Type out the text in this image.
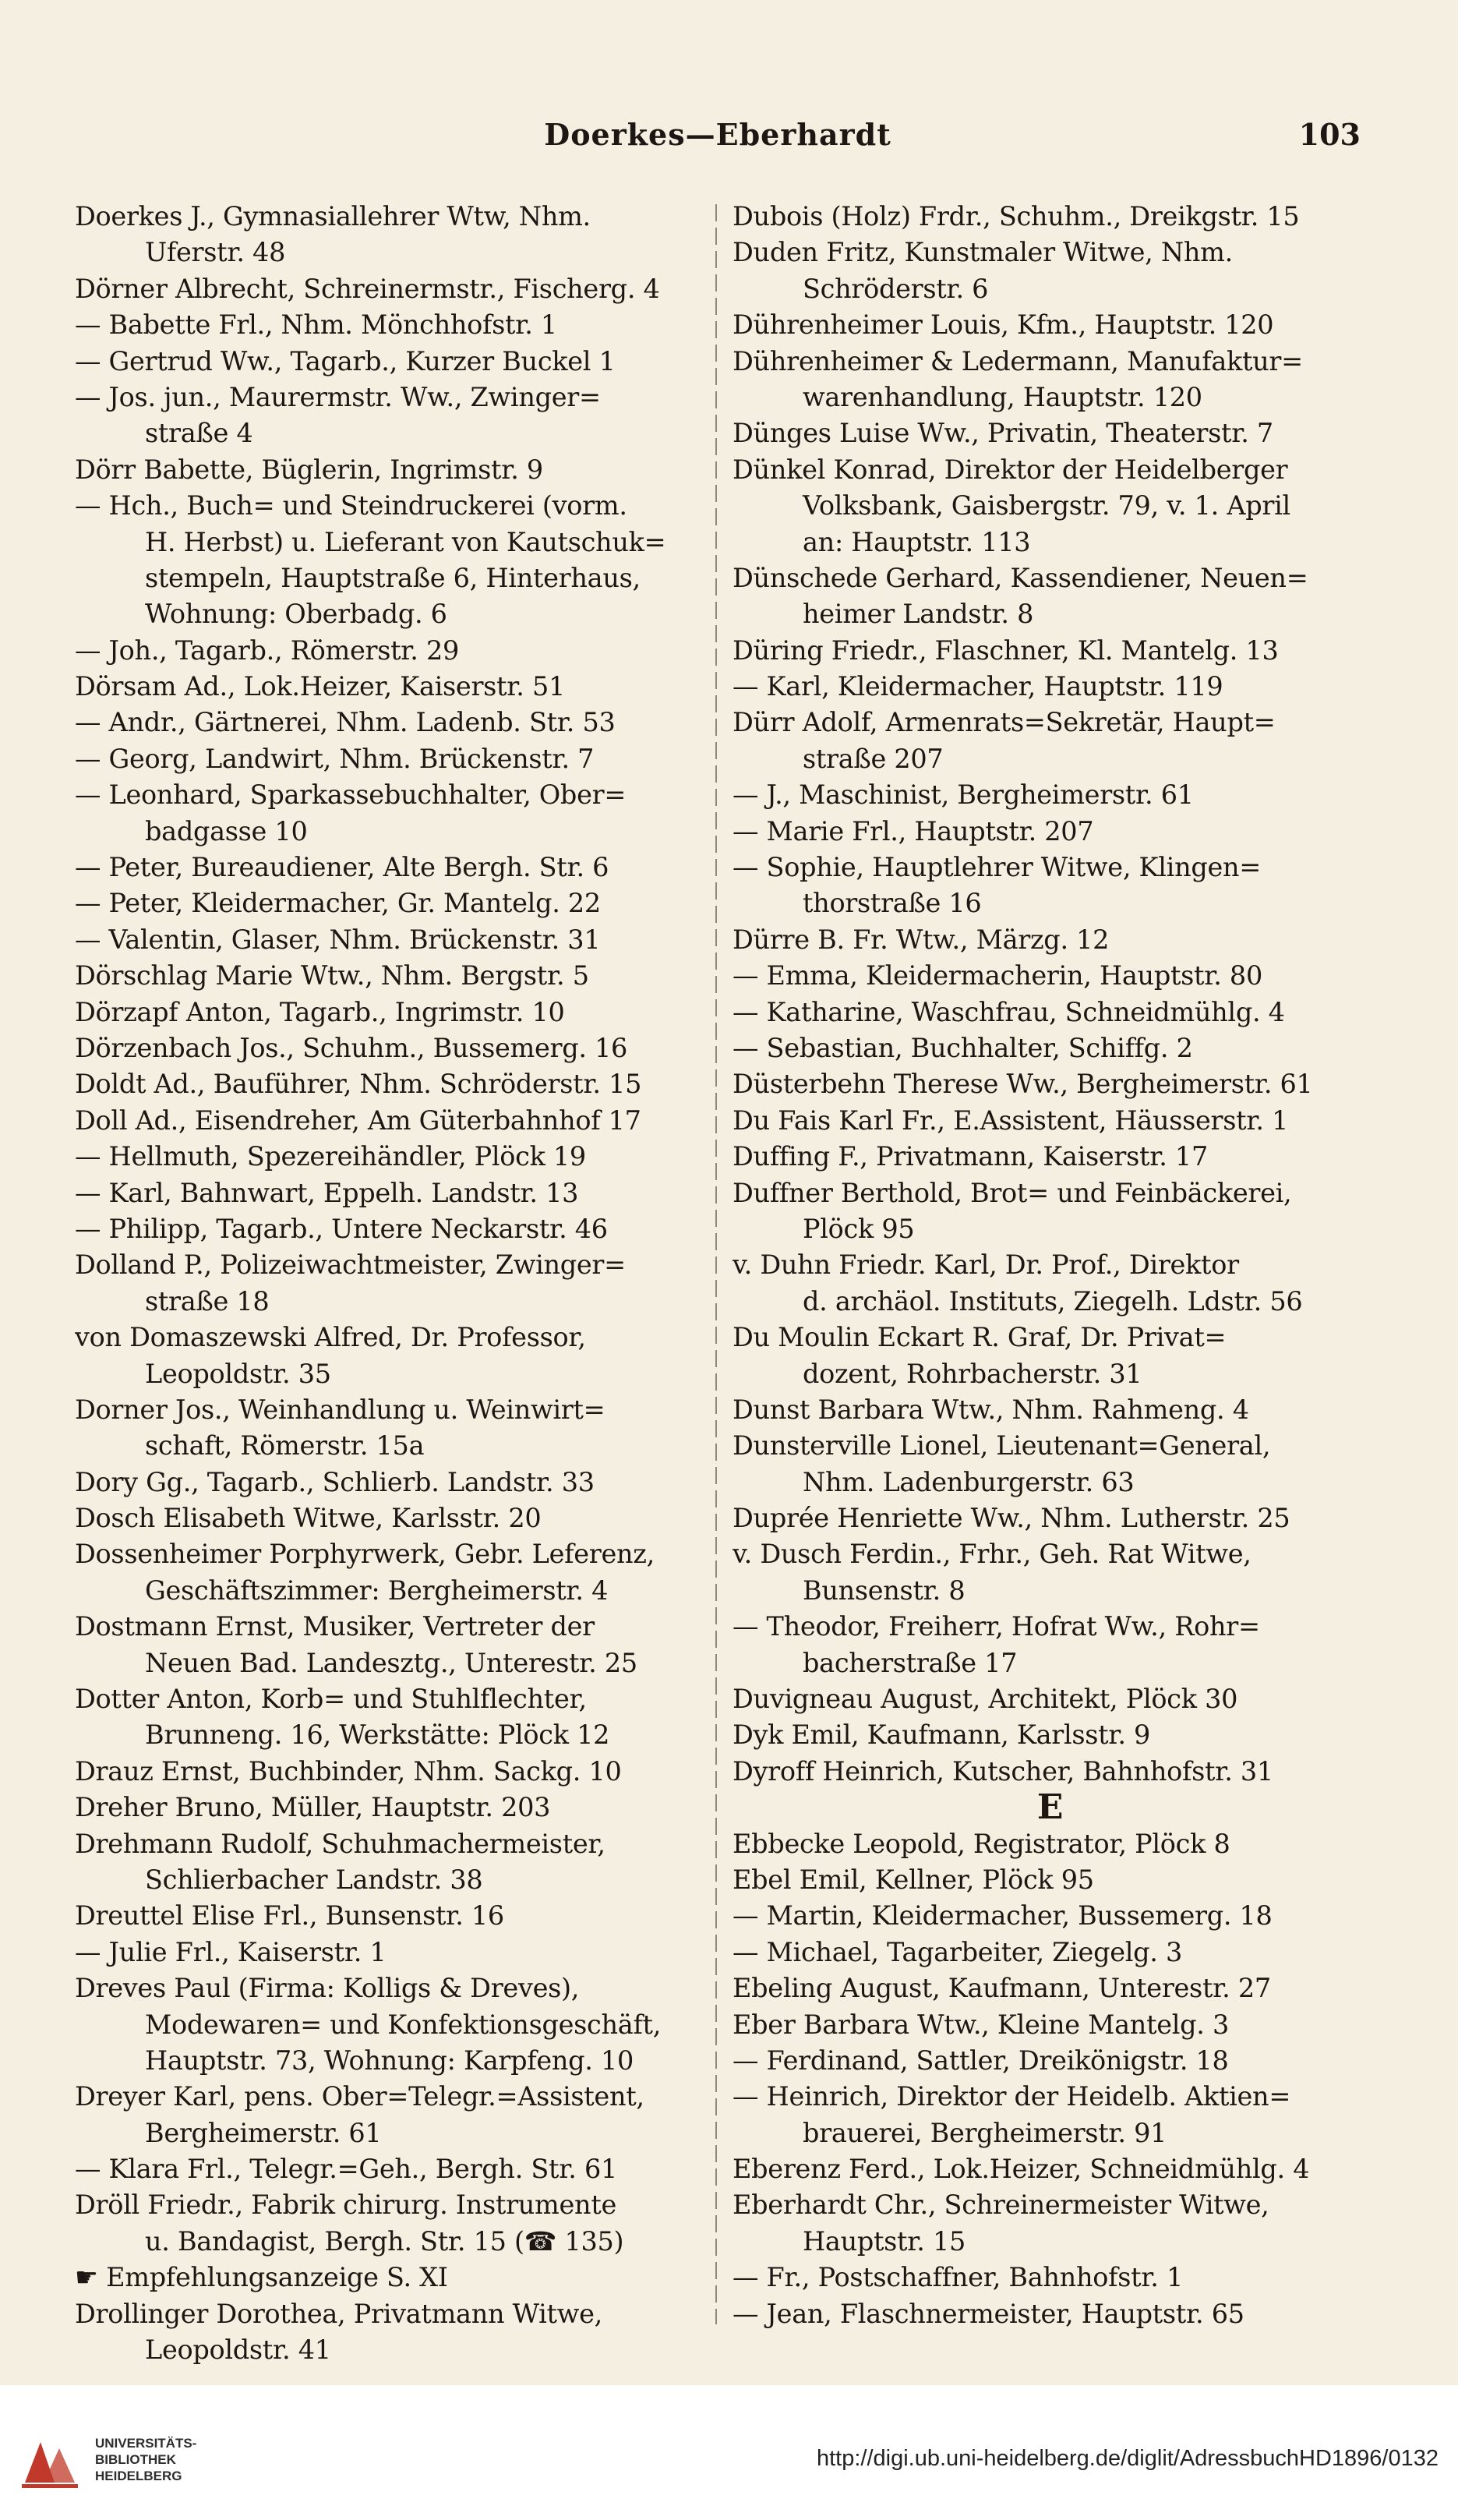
Doerkes—Eberhardt	103
Doerkes J., Gymnasiallehrer Wtw, Nhm.
Uferstr. 48
Dörner Albrecht, Schreinermstr., Fischerg. 4
— Babette Frl., Nhm. Mönchhofstr. 1
— Gertrud Ww., Tagarb., Kurzer Buckel 1
— Jos. jun., Maurermstr. Ww., Zwinger=
straße 4
Dörr Babette, Büglerin, Ingrimstr. 9
— Hch., Buch= und Steindruckerei (vorm.
H. Herbst) u. Lieferant von Kautschuk=
stempeln, Hauptstraße 6, Hinterhaus,
Wohnung: Oberbadg. 6
— Joh., Tagarb., Römerstr. 29
Dörsam Ad., Lok.Heizer, Kaiserstr. 51
— Andr., Gärtnerei, Nhm. Ladenb. Str. 53
— Georg, Landwirt, Nhm. Brückenstr. 7
— Leonhard, Sparkassebuchhalter, Ober=
badgasse 10
— Peter, Bureaudiener, Alte Bergh. Str. 6
— Peter, Kleidermacher, Gr. Mantelg. 22
— Valentin, Glaser, Nhm. Brückenstr. 31
Dörschlag Marie Wtw., Nhm. Bergstr. 5
Dörzapf Anton, Tagarb., Ingrimstr. 10
Dörzenbach Jos., Schuhm., Bussemerg. 16
Doldt Ad., Bauführer, Nhm. Schröderstr. 15
Doll Ad., Eisendreher, Am Güterbahnhof 17
— Hellmuth, Spezereihändler, Plöck 19
— Karl, Bahnwart, Eppelh. Landstr. 13
— Philipp, Tagarb., Untere Neckarstr. 46
Dolland P., Polizeiwachtmeister, Zwinger=
straße 18
von Domaszewski Alfred, Dr. Professor,
Leopoldstr. 35
Dorner Jos., Weinhandlung u. Weinwirt=
schaft, Römerstr. 15a
Dory Gg., Tagarb., Schlierb. Landstr. 33
Dosch Elisabeth Witwe, Karlsstr. 20
Dossenheimer Porphyrwerk, Gebr. Leferenz,
Geschäftszimmer: Bergheimerstr. 4
Dostmann Ernst, Musiker, Vertreter der
Neuen Bad. Landesztg., Unterestr. 25
Dotter Anton, Korb= und Stuhlflechter,
Brunneng. 16, Werkstätte: Plöck 12
Drauz Ernst, Buchbinder, Nhm. Sackg. 10
Dreher Bruno, Müller, Hauptstr. 203
Drehmann Rudolf, Schuhmachermeister,
Schlierbacher Landstr. 38
Dreuttel Elise Frl., Bunsenstr. 16
— Julie Frl., Kaiserstr. 1
Dreves Paul (Firma: Kolligs & Dreves),
Modewaren= und Konfektionsgeschäft,
Hauptstr. 73, Wohnung: Karpfeng. 10
Dreyer Karl, pens. Ober=Telegr.=Assistent,
Bergheimerstr. 61
— Klara Frl., Telegr.=Geh., Bergh. Str. 61
Dröll Friedr., Fabrik chirurg. Instrumente
u. Bandagist, Bergh. Str. 15 (☎ 135)
☛ Empfehlungsanzeige S. XI
Drollinger Dorothea, Privatmann Witwe,
Leopoldstr. 41
Dubois (Holz) Frdr., Schuhm., Dreikgstr. 15
Duden Fritz, Kunstmaler Witwe, Nhm.
Schröderstr. 6
Dührenheimer Louis, Kfm., Hauptstr. 120
Dührenheimer & Ledermann, Manufaktur=
warenhandlung, Hauptstr. 120
Dünges Luise Ww., Privatin, Theaterstr. 7
Dünkel Konrad, Direktor der Heidelberger
Volksbank, Gaisbergstr. 79, v. 1. April
an: Hauptstr. 113
Dünschede Gerhard, Kassendiener, Neuen=
heimer Landstr. 8
Düring Friedr., Flaschner, Kl. Mantelg. 13
— Karl, Kleidermacher, Hauptstr. 119
Dürr Adolf, Armenrats=Sekretär, Haupt=
straße 207
— J., Maschinist, Bergheimerstr. 61
— Marie Frl., Hauptstr. 207
— Sophie, Hauptlehrer Witwe, Klingen=
thorstraße 16
Dürre B. Fr. Wtw., Märzg. 12
— Emma, Kleidermacherin, Hauptstr. 80
— Katharine, Waschfrau, Schneidmühlg. 4
— Sebastian, Buchhalter, Schiffg. 2
Düsterbehn Therese Ww., Bergheimerstr. 61
Du Fais Karl Fr., E.Assistent, Häusserstr. 1
Duffing F., Privatmann, Kaiserstr. 17
Duffner Berthold, Brot= und Feinbäckerei,
Plöck 95
v. Duhn Friedr. Karl, Dr. Prof., Direktor
d. archäol. Instituts, Ziegelh. Ldstr. 56
Du Moulin Eckart R. Graf, Dr. Privat=
dozent, Rohrbacherstr. 31
Dunst Barbara Wtw., Nhm. Rahmeng. 4
Dunsterville Lionel, Lieutenant=General,
Nhm. Ladenburgerstr. 63
Duprée Henriette Ww., Nhm. Lutherstr. 25
v. Dusch Ferdin., Frhr., Geh. Rat Witwe,
Bunsenstr. 8
— Theodor, Freiherr, Hofrat Ww., Rohr=
bacherstraße 17
Duvigneau August, Architekt, Plöck 30
Dyk Emil, Kaufmann, Karlsstr. 9
Dyroff Heinrich, Kutscher, Bahnhofstr. 31
E
Ebbecke Leopold, Registrator, Plöck 8
Ebel Emil, Kellner, Plöck 95
— Martin, Kleidermacher, Bussemerg. 18
— Michael, Tagarbeiter, Ziegelg. 3
Ebeling August, Kaufmann, Unterestr. 27
Eber Barbara Wtw., Kleine Mantelg. 3
— Ferdinand, Sattler, Dreikönigstr. 18
— Heinrich, Direktor der Heidelb. Aktien=
brauerei, Bergheimerstr. 91
Eberenz Ferd., Lok.Heizer, Schneidmühlg. 4
Eberhardt Chr., Schreinermeister Witwe,
Hauptstr. 15
— Fr., Postschaffner, Bahnhofstr. 1
— Jean, Flaschnermeister, Hauptstr. 65
UNIVERSITÄTS-
BIBLIOTHEK
HEIDELBERG
http://digi.ub.uni-heidelberg.de/diglit/AdressbuchHD1896/0132
